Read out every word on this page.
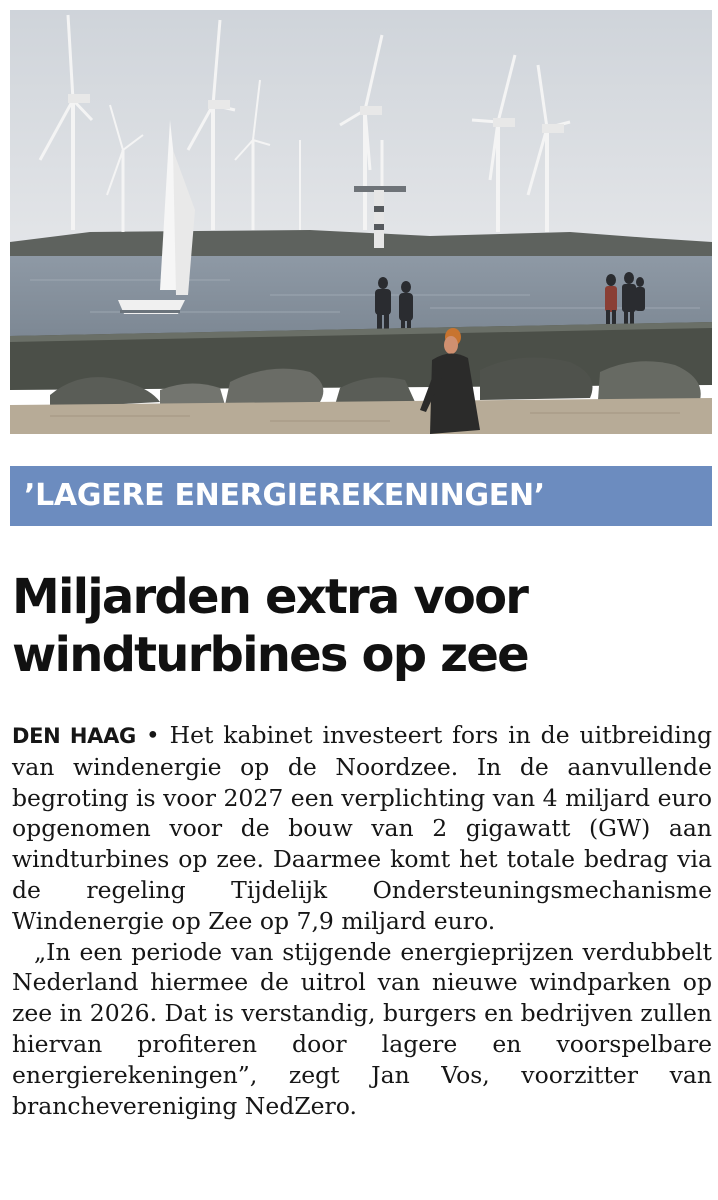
’LAGERE ENERGIEREKENINGEN’
Miljarden extra voor windturbines op zee

DEN HAAG • Het kabinet investeert fors in de uitbreiding van windenergie op de Noordzee. In de aanvullende begroting is voor 2027 een verplichting van 4 miljard euro opgenomen voor de bouw van 2 gigawatt (GW) aan windturbines op zee. Daarmee komt het totale bedrag via de regeling Tijdelijk Ondersteuningsmechanisme Windenergie op Zee op 7,9 miljard euro.

„In een periode van stijgende energieprijzen verdubbelt Nederland hiermee de uitrol van nieuwe windparken op zee in 2026. Dat is verstandig, burgers en bedrijven zullen hiervan profiteren door lagere en voorspelbare energierekeningen”, zegt Jan Vos, voorzitter van branchevereniging NedZero.
